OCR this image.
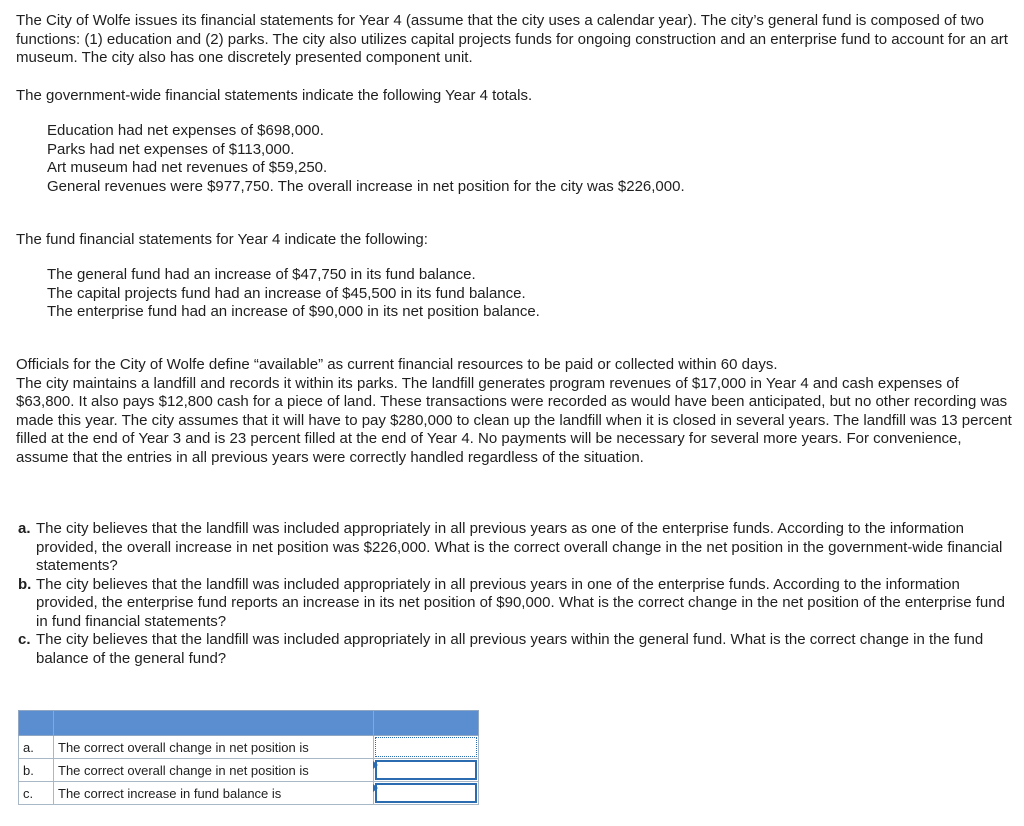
The City of Wolfe issues its financial statements for Year 4 (assume that the city uses a calendar year). The city’s general fund is composed of two functions: (1) education and (2) parks. The city also utilizes capital projects funds for ongoing construction and an enterprise fund to account for an art museum. The city also has one discretely presented component unit.

The government-wide financial statements indicate the following Year 4 totals.

Education had net expenses of $698,000.
Parks had net expenses of $113,000.
Art museum had net revenues of $59,250.
General revenues were $977,750. The overall increase in net position for the city was $226,000.

The fund financial statements for Year 4 indicate the following:

The general fund had an increase of $47,750 in its fund balance.
The capital projects fund had an increase of $45,500 in its fund balance.
The enterprise fund had an increase of $90,000 in its net position balance.
Officials for the City of Wolfe define “available” as current financial resources to be paid or collected within 60 days.
The city maintains a landfill and records it within its parks. The landfill generates program revenues of $17,000 in Year 4 and cash expenses of $63,800. It also pays $12,800 cash for a piece of land. These transactions were recorded as would have been anticipated, but no other recording was made this year. The city assumes that it will have to pay $280,000 to clean up the landfill when it is closed in several years. The landfill was 13 percent filled at the end of Year 3 and is 23 percent filled at the end of Year 4. No payments will be necessary for several more years. For convenience, assume that the entries in all previous years were correctly handled regardless of the situation.
a. The city believes that the landfill was included appropriately in all previous years as one of the enterprise funds. According to the information provided, the overall increase in net position was $226,000. What is the correct overall change in the net position in the government-wide financial statements?
b. The city believes that the landfill was included appropriately in all previous years in one of the enterprise funds. According to the information provided, the enterprise fund reports an increase in its net position of $90,000. What is the correct change in the net position of the enterprise fund in fund financial statements?
c. The city believes that the landfill was included appropriately in all previous years within the general fund. What is the correct change in the fund balance of the general fund?

a.	The correct overall change in net position is	

b.	The correct overall change in net position is	

c.	The correct increase in fund balance is	
